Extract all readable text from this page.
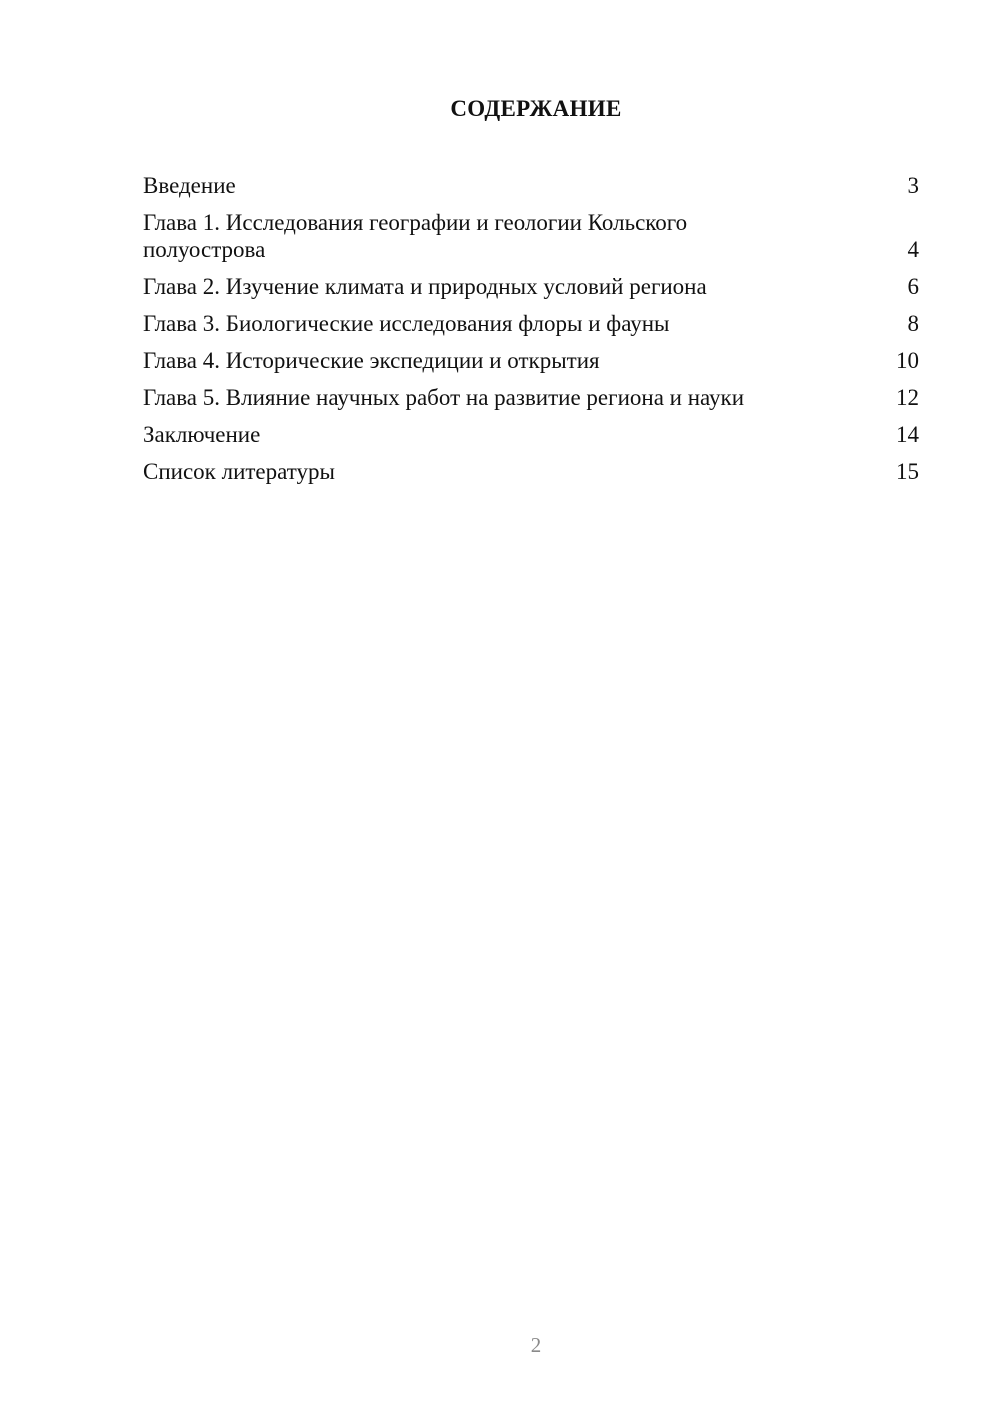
СОДЕРЖАНИЕ
Введение	3
Глава 1. Исследования географии и геологии Кольского полуострова	4
Глава 2. Изучение климата и природных условий региона	6
Глава 3. Биологические исследования флоры и фауны	8
Глава 4. Исторические экспедиции и открытия	10
Глава 5. Влияние научных работ на развитие региона и науки	12
Заключение	14
Список литературы	15
2
